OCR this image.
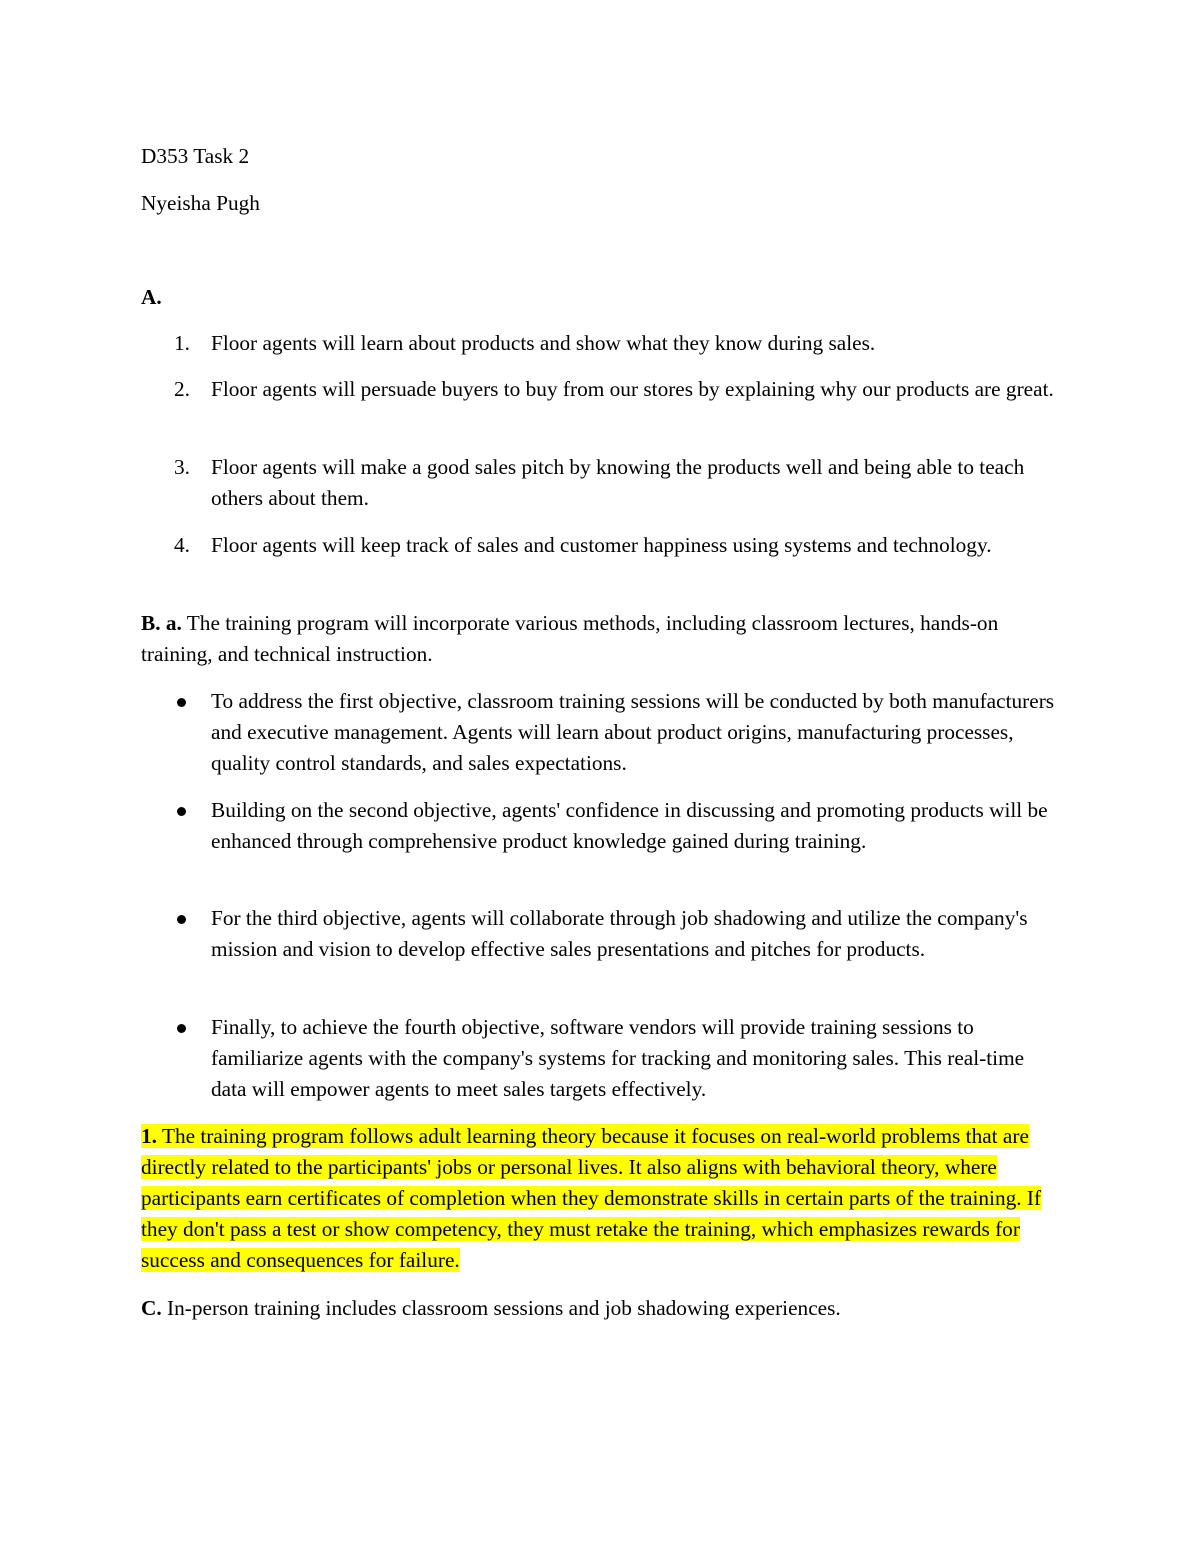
D353 Task 2

Nyeisha Pugh

A.

1. Floor agents will learn about products and show what they know during sales.
2. Floor agents will persuade buyers to buy from our stores by explaining why our products are great.
3. Floor agents will make a good sales pitch by knowing the products well and being able to teach others about them.
4. Floor agents will keep track of sales and customer happiness using systems and technology.

B. a. The training program will incorporate various methods, including classroom lectures, hands-on training, and technical instruction.

To address the first objective, classroom training sessions will be conducted by both manufacturers and executive management. Agents will learn about product origins, manufacturing processes, quality control standards, and sales expectations.
Building on the second objective, agents' confidence in discussing and promoting products will be enhanced through comprehensive product knowledge gained during training.
For the third objective, agents will collaborate through job shadowing and utilize the company's mission and vision to develop effective sales presentations and pitches for products.
Finally, to achieve the fourth objective, software vendors will provide training sessions to familiarize agents with the company's systems for tracking and monitoring sales. This real-time data will empower agents to meet sales targets effectively.

1. The training program follows adult learning theory because it focuses on real-world problems that are directly related to the participants' jobs or personal lives. It also aligns with behavioral theory, where participants earn certificates of completion when they demonstrate skills in certain parts of the training. If they don't pass a test or show competency, they must retake the training, which emphasizes rewards for success and consequences for failure.

C. In-person training includes classroom sessions and job shadowing experiences.
